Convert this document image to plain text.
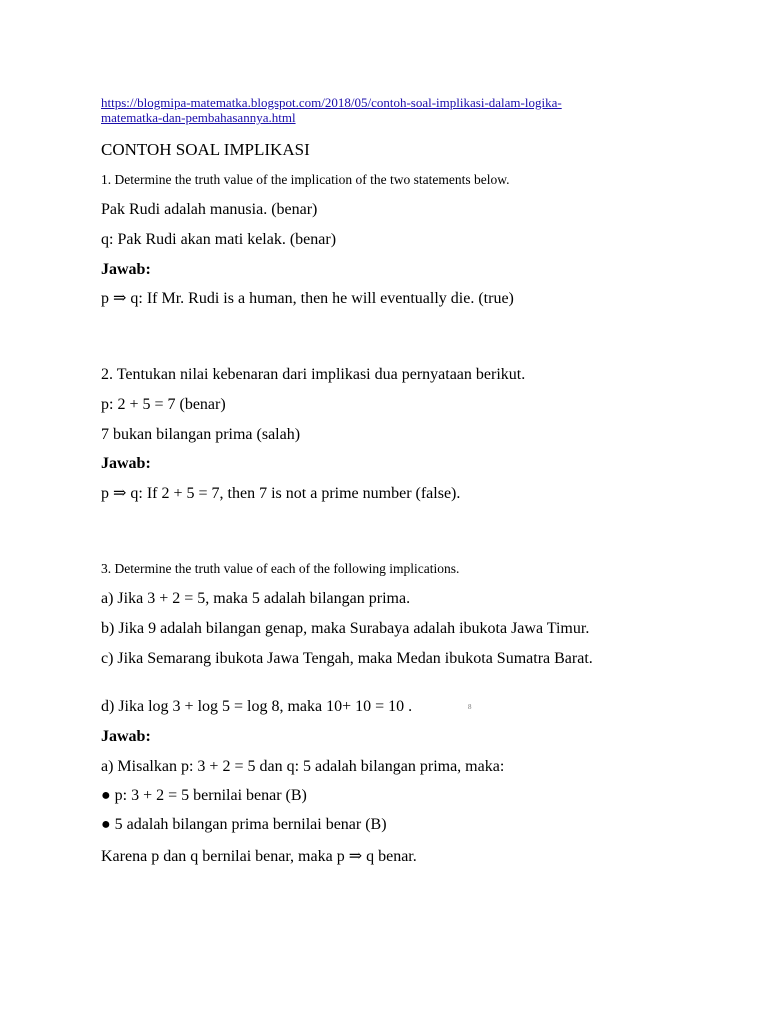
https://blogmipa-matematka.blogspot.com/2018/05/contoh-soal-implikasi-dalam-logika-
matematka-dan-pembahasannya.html
CONTOH SOAL IMPLIKASI
1. Determine the truth value of the implication of the two statements below.
Pak Rudi adalah manusia. (benar)
q: Pak Rudi akan mati kelak. (benar)
Jawab:
p ⇒ q: If Mr. Rudi is a human, then he will eventually die. (true)
2. Tentukan nilai kebenaran dari implikasi dua pernyataan berikut.
p: 2 + 5 = 7 (benar)
7 bukan bilangan prima (salah)
Jawab:
p ⇒ q: If 2 + 5 = 7, then 7 is not a prime number (false).
3. Determine the truth value of each of the following implications.
a) Jika 3 + 2 = 5, maka 5 adalah bilangan prima.
b) Jika 9 adalah bilangan genap, maka Surabaya adalah ibukota Jawa Timur.
c) Jika Semarang ibukota Jawa Tengah, maka Medan ibukota Sumatra Barat.
d) Jika log 3 + log 5 = log 8, maka 10+ 10 = 10 .	8
Jawab:
a) Misalkan p: 3 + 2 = 5 dan q: 5 adalah bilangan prima, maka:
● p: 3 + 2 = 5 bernilai benar (B)
● 5 adalah bilangan prima bernilai benar (B)
Karena p dan q bernilai benar, maka p ⇒ q benar.
